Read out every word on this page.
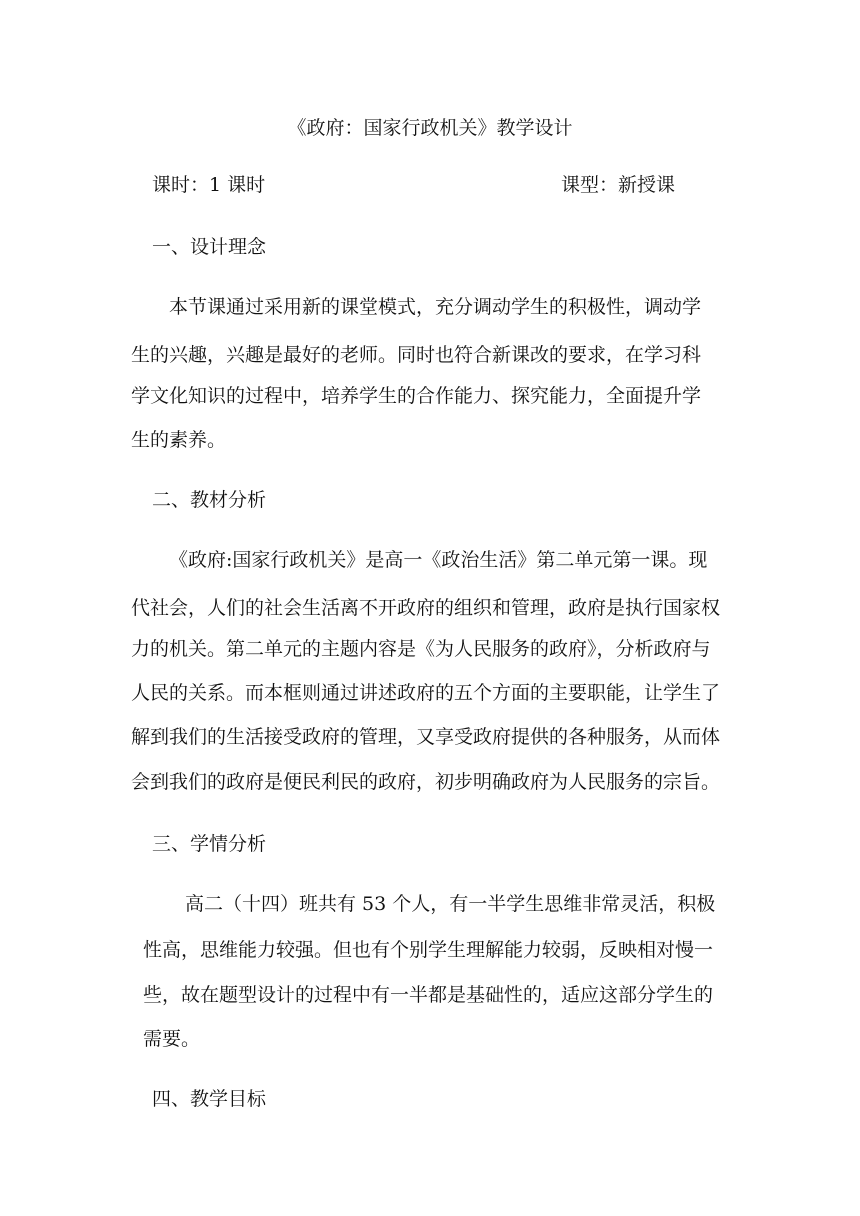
《政府：国家行政机关》教学设计
课时：1 课时	课型：新授课
一、设计理念
本节课通过采用新的课堂模式，充分调动学生的积极性，调动学
生的兴趣，兴趣是最好的老师。同时也符合新课改的要求，在学习科
学文化知识的过程中，培养学生的合作能力、探究能力，全面提升学
生的素养。
二、教材分析
《政府:国家行政机关》是高一《政治生活》第二单元第一课。现
代社会，人们的社会生活离不开政府的组织和管理，政府是执行国家权
力的机关。第二单元的主题内容是《为人民服务的政府》，分析政府与
人民的关系。而本框则通过讲述政府的五个方面的主要职能，让学生了
解到我们的生活接受政府的管理，又享受政府提供的各种服务，从而体
会到我们的政府是便民利民的政府，初步明确政府为人民服务的宗旨。
三、学情分析
高二（十四）班共有 53 个人，有一半学生思维非常灵活，积极
性高，思维能力较强。但也有个别学生理解能力较弱，反映相对慢一
些，故在题型设计的过程中有一半都是基础性的，适应这部分学生的
需要。
四、教学目标
